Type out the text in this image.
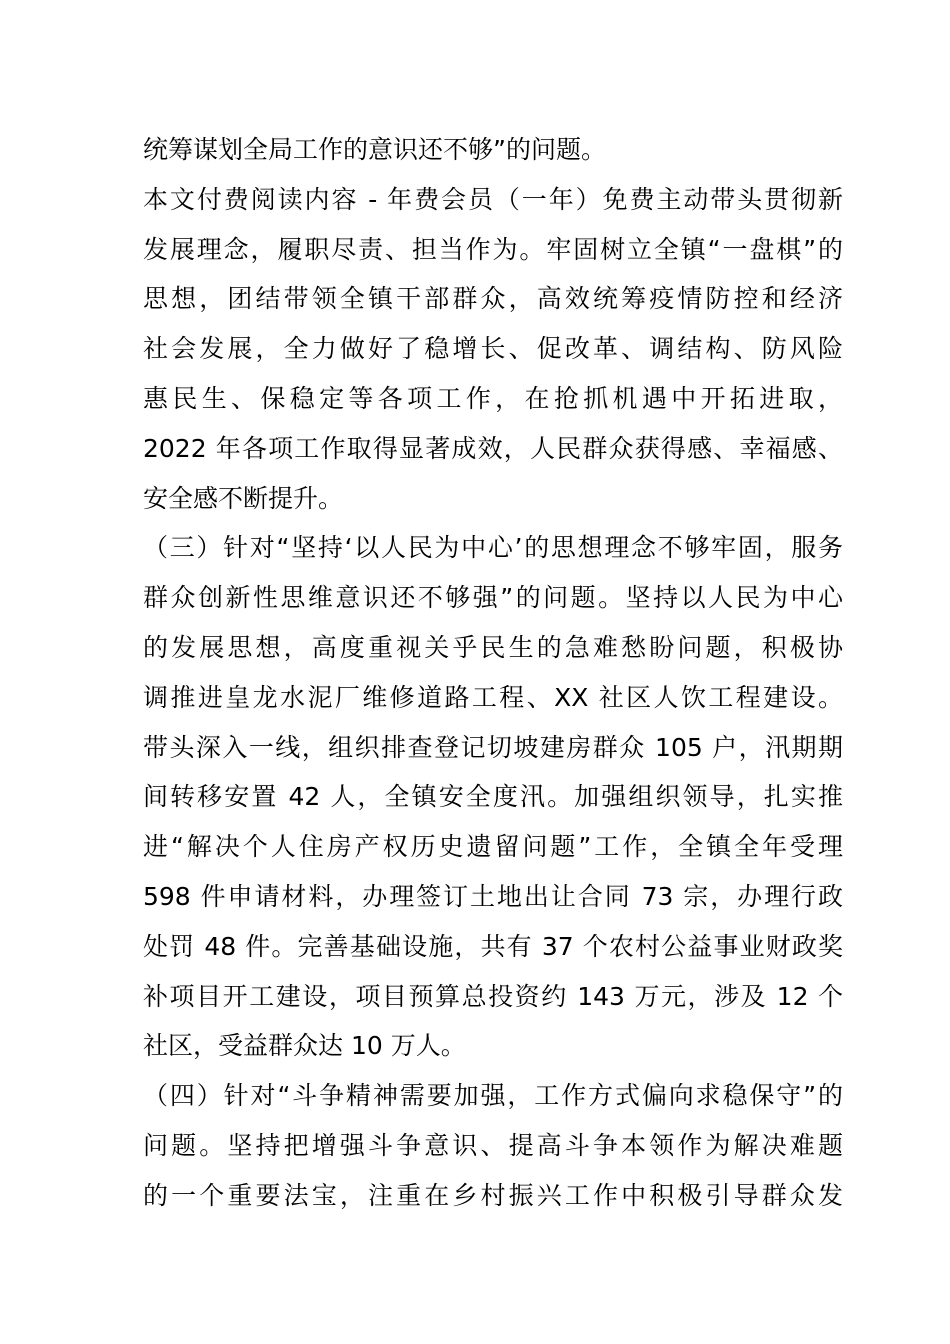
统筹谋划全局工作的意识还不够”的问题。
本文付费阅读内容 - 年费会员（一年）免费主动带头贯彻新
发展理念，履职尽责、担当作为。牢固树立全镇“一盘棋”的
思想，团结带领全镇干部群众，高效统筹疫情防控和经济
社会发展，全力做好了稳增长、促改革、调结构、防风险
惠民生、保稳定等各项工作，在抢抓机遇中开拓进取，
2022 年各项工作取得显著成效，人民群众获得感、幸福感、
安全感不断提升。
（三）针对“坚持‘以人民为中心’的思想理念不够牢固，服务
群众创新性思维意识还不够强”的问题。坚持以人民为中心
的发展思想，高度重视关乎民生的急难愁盼问题，积极协
调推进皇龙水泥厂维修道路工程、XX 社区人饮工程建设。
带头深入一线，组织排查登记切坡建房群众 105 户，汛期期
间转移安置 42 人，全镇安全度汛。加强组织领导，扎实推
进“解决个人住房产权历史遗留问题”工作，全镇全年受理
598 件申请材料，办理签订土地出让合同 73 宗，办理行政
处罚 48 件。完善基础设施，共有 37 个农村公益事业财政奖
补项目开工建设，项目预算总投资约 143 万元，涉及 12 个
社区，受益群众达 10 万人。
（四）针对“斗争精神需要加强，工作方式偏向求稳保守”的
问题。坚持把增强斗争意识、提高斗争本领作为解决难题
的一个重要法宝，注重在乡村振兴工作中积极引导群众发
